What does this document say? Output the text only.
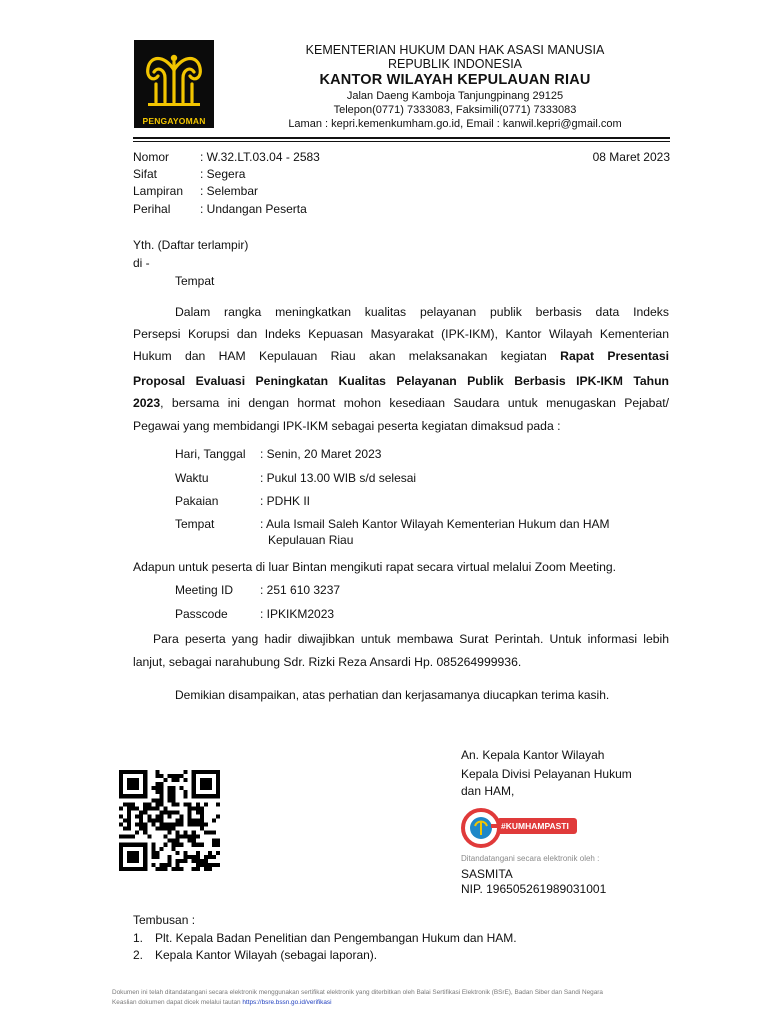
PENGAYOMAN
KEMENTERIAN HUKUM DAN HAK ASASI MANUSIA
REPUBLIK INDONESIA
KANTOR WILAYAH KEPULAUAN RIAU
Jalan Daeng Kamboja Tanjungpinang 29125
Telepon(0771) 7333083, Faksimili(0771) 7333083
Laman : kepri.kemenkumham.go.id, Email : kanwil.kepri@gmail.com
Nomor	: W.32.LT.03.04 - 2583
Sifat	: Segera
Lampiran : Selembar
Perihal : Undangan Peserta
08 Maret 2023
Yth. (Daftar terlampir)
di -
Tempat
Dalam rangka meningkatkan kualitas pelayanan publik berbasis data Indeks
Persepsi Korupsi dan Indeks Kepuasan Masyarakat (IPK-IKM), Kantor Wilayah Kementerian
Hukum dan HAM Kepulauan Riau akan melaksanakan kegiatan Rapat Presentasi
Proposal Evaluasi Peningkatan Kualitas Pelayanan Publik Berbasis IPK-IKM Tahun
2023, bersama ini dengan hormat mohon kesediaan Saudara untuk menugaskan Pejabat/
Pegawai yang membidangi IPK-IKM sebagai peserta kegiatan dimaksud pada :
Hari, Tanggal : Senin, 20 Maret 2023
Waktu	: Pukul 13.00 WIB s/d selesai
Pakaian	: PDHK II
Tempat	: Aula Ismail Saleh Kantor Wilayah Kementerian Hukum dan HAM
Kepulauan Riau
Adapun untuk peserta di luar Bintan mengikuti rapat secara virtual melalui Zoom Meeting.
Meeting ID : 251 610 3237
Passcode	: IPKIKM2023
Para peserta yang hadir diwajibkan untuk membawa Surat Perintah. Untuk informasi lebih
lanjut, sebagai narahubung Sdr. Rizki Reza Ansardi Hp. 085264999936.
Demikian disampaikan, atas perhatian dan kerjasamanya diucapkan terima kasih.
An. Kepala Kantor Wilayah
Kepala Divisi Pelayanan Hukum
dan HAM,
#KUMHAMPASTI
Ditandatangani secara elektronik oleh :
SASMITA
NIP. 196505261989031001
Tembusan :
1. Plt. Kepala Badan Penelitian dan Pengembangan Hukum dan HAM.
2. Kepala Kantor Wilayah (sebagai laporan).
Dokumen ini telah ditandatangani secara elektronik menggunakan sertifikat elektronik yang diterbitkan oleh Balai Sertifikasi Elektronik (BSrE), Badan Siber dan Sandi Negara
Keaslian dokumen dapat dicek melalui tautan https://bsre.bssn.go.id/verifikasi
